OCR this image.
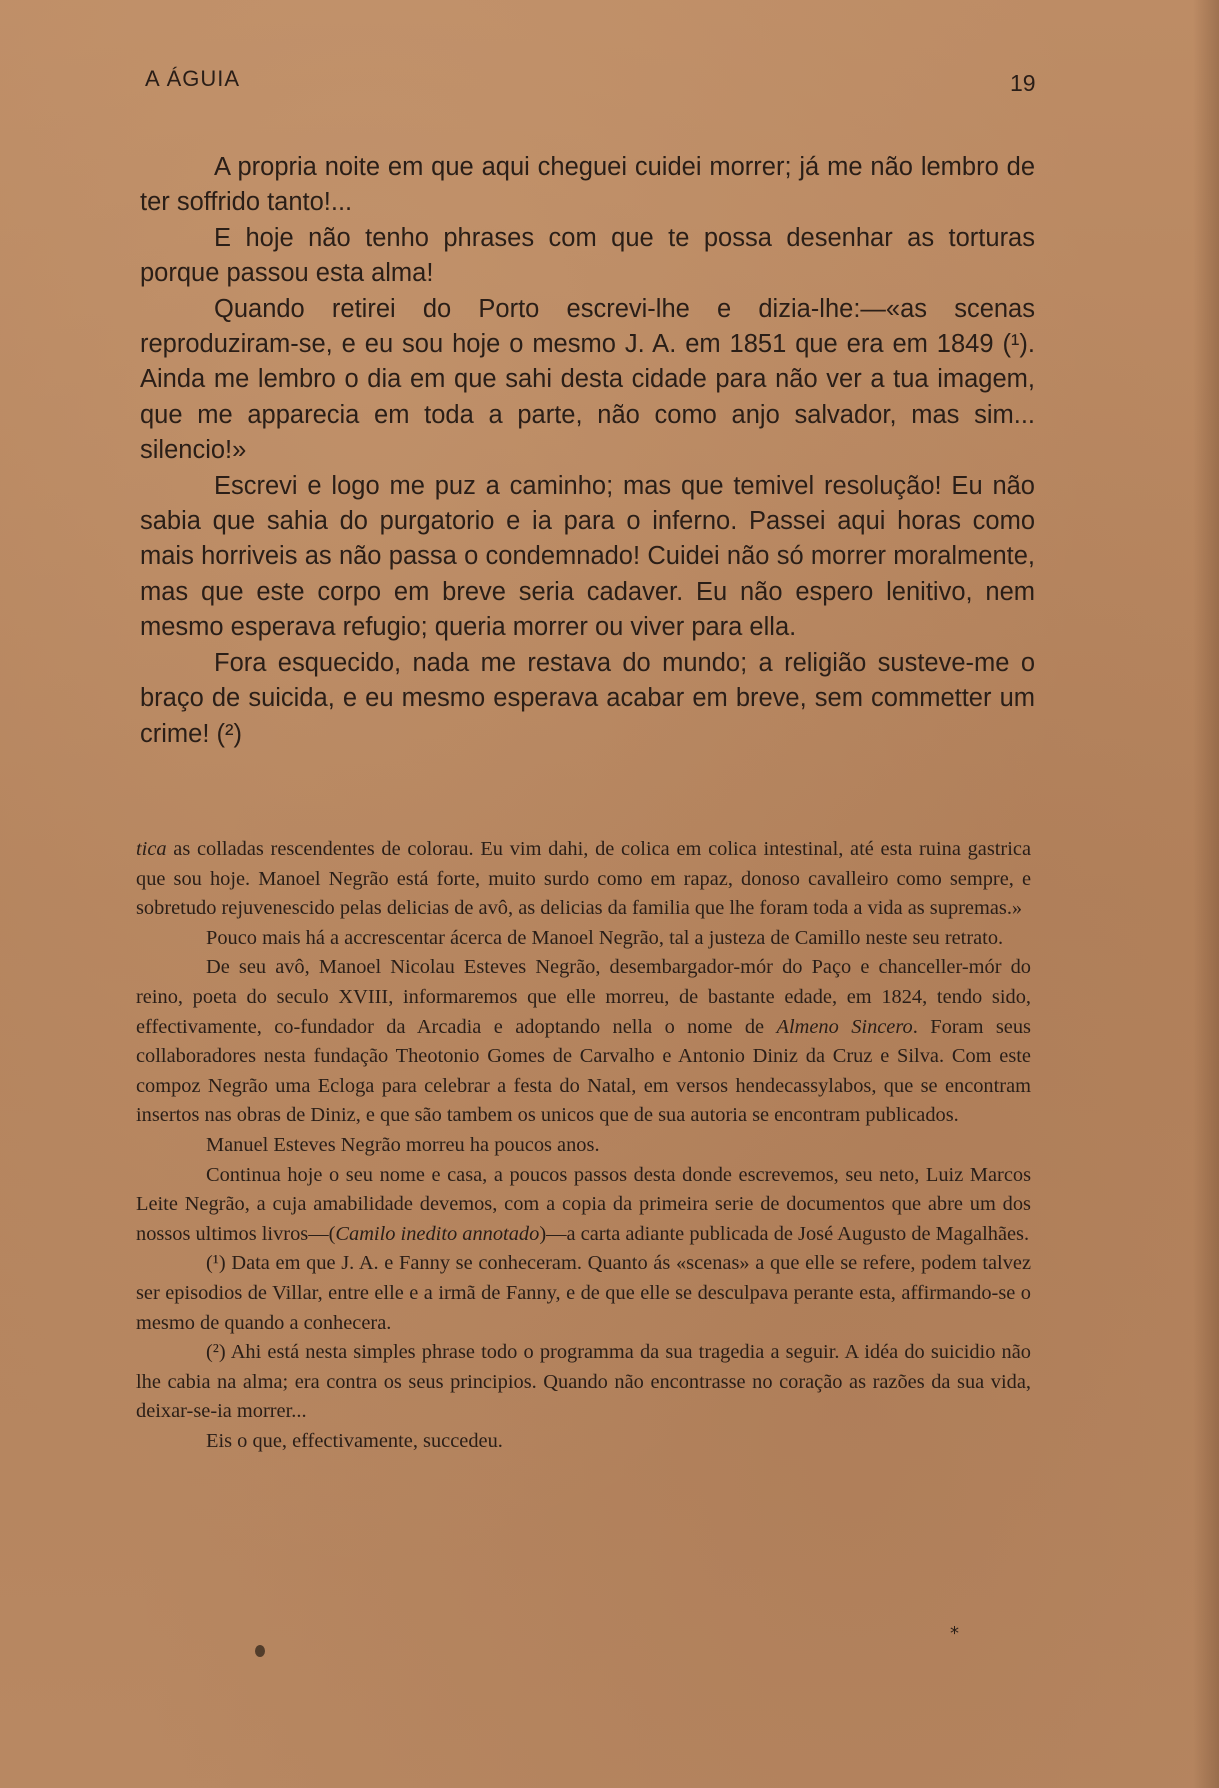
A ÁGUIA	19

A propria noite em que aqui cheguei cuidei morrer; já me não lembro de ter soffrido tanto!...

E hoje não tenho phrases com que te possa desenhar as torturas porque passou esta alma!

Quando retirei do Porto escrevi-lhe e dizia-lhe:—«as scenas reproduziram-se, e eu sou hoje o mesmo J. A. em 1851 que era em 1849 (¹). Ainda me lembro o dia em que sahi desta cidade para não ver a tua imagem, que me apparecia em toda a parte, não como anjo salvador, mas sim... silencio!»

Escrevi e logo me puz a caminho; mas que temivel resolução! Eu não sabia que sahia do purgatorio e ia para o inferno. Passei aqui horas como mais horriveis as não passa o condemnado! Cuidei não só morrer moralmente, mas que este corpo em breve seria cadaver. Eu não espero lenitivo, nem mesmo esperava refugio; queria morrer ou viver para ella.

Fora esquecido, nada me restava do mundo; a religião susteve-me o braço de suicida, e eu mesmo esperava acabar em breve, sem commetter um crime! (²)

tica as colladas rescendentes de colorau. Eu vim dahi, de colica em colica intestinal, até esta ruina gastrica que sou hoje. Manoel Negrão está forte, muito surdo como em rapaz, donoso cavalleiro como sempre, e sobretudo rejuvenescido pelas delicias de avô, as delicias da familia que lhe foram toda a vida as supremas.»

Pouco mais há a accrescentar ácerca de Manoel Negrão, tal a justeza de Camillo neste seu retrato.

De seu avô, Manoel Nicolau Esteves Negrão, desembargador-mór do Paço e chanceller-mór do reino, poeta do seculo XVIII, informaremos que elle morreu, de bastante edade, em 1824, tendo sido, effectivamente, co-fundador da Arcadia e adoptando nella o nome de Almeno Sincero. Foram seus collaboradores nesta fundação Theotonio Gomes de Carvalho e Antonio Diniz da Cruz e Silva. Com este compoz Negrão uma Ecloga para celebrar a festa do Natal, em versos hendecassylabos, que se encontram insertos nas obras de Diniz, e que são tambem os unicos que de sua autoria se encontram publicados.

Manuel Esteves Negrão morreu ha poucos anos.

Continua hoje o seu nome e casa, a poucos passos desta donde escrevemos, seu neto, Luiz Marcos Leite Negrão, a cuja amabilidade devemos, com a copia da primeira serie de documentos que abre um dos nossos ultimos livros—(Camilo inedito annotado)—a carta adiante publicada de José Augusto de Magalhães.

(¹) Data em que J. A. e Fanny se conheceram. Quanto ás «scenas» a que elle se refere, podem talvez ser episodios de Villar, entre elle e a irmã de Fanny, e de que elle se desculpava perante esta, affirmando-se o mesmo de quando a conhecera.

(²) Ahi está nesta simples phrase todo o programma da sua tragedia a seguir. A idéa do suicidio não lhe cabia na alma; era contra os seus principios. Quando não encontrasse no coração as razões da sua vida, deixar-se-ia morrer...

Eis o que, effectivamente, succedeu.

*
